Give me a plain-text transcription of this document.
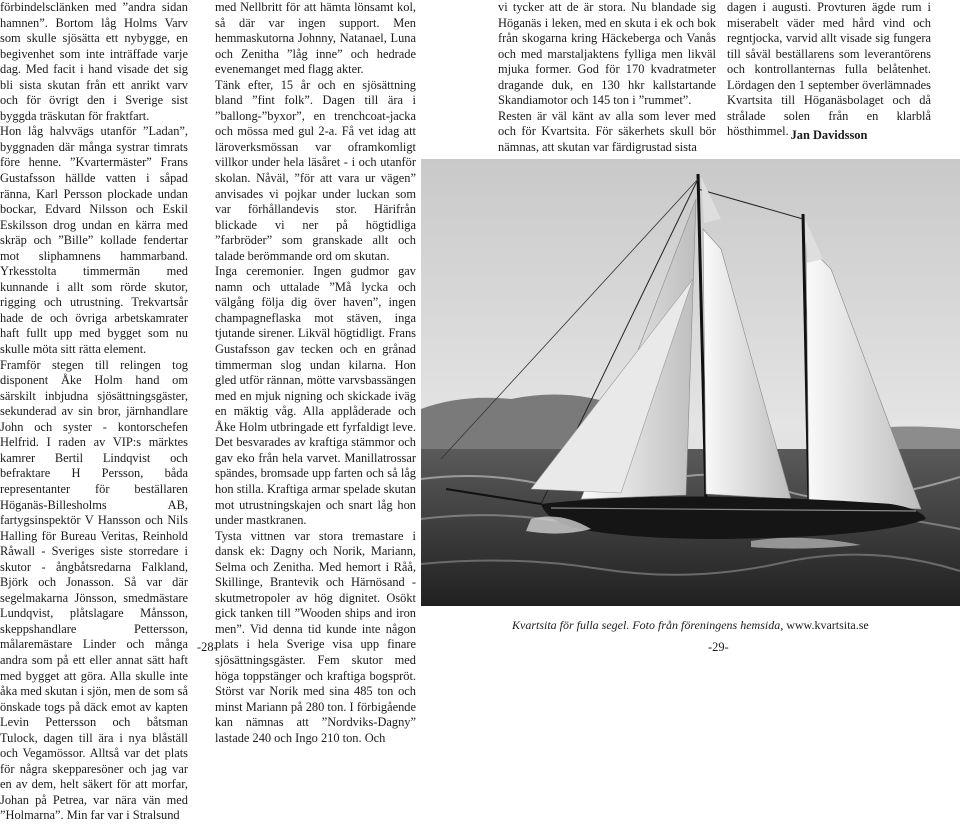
förbindelsclänken med ”andra sidan hamnen”. Bortom låg Holms Varv som skulle sjösätta ett nybygge, en begivenhet som inte inträffade varje dag. Med facit i hand visade det sig bli sista skutan från ett anrikt varv och för övrigt den i Sverige sist byggda träskutan för fraktfart.
Hon låg halvvägs utanför ”Ladan”, byggnaden där många systrar timrats före henne. ”Kvartermäster” Frans Gustafsson hällde vatten i såpad ränna, Karl Persson plockade undan bockar, Edvard Nilsson och Eskil Eskilsson drog undan en kärra med skräp och ”Bille” kollade fendertar mot sliphamnens hammarband. Yrkesstolta timmermän med kunnande i allt som rörde skutor, rigging och utrustning. Trekvartsår hade de och övriga arbetskamrater haft fullt upp med bygget som nu skulle möta sitt rätta element.
Framför stegen till relingen tog disponent Åke Holm hand om särskilt inbjudna sjösättningsgäster, sekunderad av sin bror, järnhandlare John och syster - kontorschefen Helfrid. I raden av VIP:s märktes kamrer Bertil Lindqvist och befraktare H Persson, båda representanter för beställaren Höganäs-Billesholms AB, fartygsinspektör V Hansson och Nils Halling för Bureau Veritas, Reinhold Råwall - Sveriges siste storredare i skutor - ångbåtsredarna Falkland, Björk och Jonasson. Så var där segelmakarna Jönsson, smedmästare Lundqvist, plåtslagare Månsson, skeppshandlare Pettersson, målaremästare Linder och många andra som på ett eller annat sätt haft med bygget att göra. Alla skulle inte åka med skutan i sjön, men de som så önskade togs på däck emot av kapten Levin Pettersson och båtsman Tulock, dagen till ära i nya blåställ och Vegamössor. Alltså var det plats för några skepparesöner och jag var en av dem, helt säkert för att morfar, Johan på Petrea, var nära vän med ”Holmarna”. Min far var i Stralsund

med Nellbritt för att hämta lönsamt kol, så där var ingen support. Men hemmaskutorna Johnny, Natanael, Luna och Zenitha ”låg inne” och hedrade evenemanget med flagg akter.
Tänk efter, 15 år och en sjösättning bland ”fint folk”. Dagen till ära i ”ballong-”byxor”, en trenchcoat-jacka och mössa med gul 2-a. Få vet idag att läroverksmössan var oframkomligt villkor under hela läsåret - i och utanför skolan. Nåväl, ”för att vara ur vägen” anvisades vi pojkar under luckan som var förhållandevis stor. Härifrån blickade vi ner på högtidliga ”farbröder” som granskade allt och talade berömmande ord om skutan.
Inga ceremonier. Ingen gudmor gav namn och uttalade ”Må lycka och välgång följa dig över haven”, ingen champagneflaska mot stäven, inga tjutande sirener. Likväl högtidligt. Frans Gustafsson gav tecken och en grånad timmerman slog undan kilarna. Hon gled utför rännan, mötte varvsbassängen med en mjuk nigning och skickade iväg en mäktig våg. Alla applåderade och Åke Holm utbringade ett fyrfaldigt leve. Det besvarades av kraftiga stämmor och gav eko från hela varvet. Manillatrossar spändes, bromsade upp farten och så låg hon stilla. Kraftiga armar spelade skutan mot utrustningskajen och snart låg hon under mastkranen.
Tysta vittnen var stora tremastare i dansk ek: Dagny och Norik, Mariann, Selma och Zenitha. Med hemort i Råå, Skillinge, Brantevik och Härnösand - skutmetropoler av hög dignitet. Osökt gick tanken till ”Wooden ships and iron men”. Vid denna tid kunde inte någon plats i hela Sverige visa upp finare sjösättningsgäster. Fem skutor med höga toppstänger och kraftiga bogspröt. Störst var Norik med sina 485 ton och minst Mariann på 280 ton. I förbigående kan nämnas att ”Nordviks-Dagny” lastade 240 och Ingo 210 ton. Och

vi tycker att de är stora. Nu blandade sig Höganäs i leken, med en skuta i ek och bok från skogarna kring Häckeberga och Vanås och med marstaljaktens fylliga men likväl mjuka former. God för 170 kvadratmeter dragande duk, en 130 hkr kallstartande Skandiamotor och 145 ton i ”rummet”.
Resten är väl känt av alla som lever med och för Kvartsita. För säkerhets skull bör nämnas, att skutan var färdigrustad sista

dagen i augusti. Provturen ägde rum i miserabelt väder med hård vind och regntjocka, varvid allt visade sig fungera till såväl beställarens som leverantörens och kontrollanternas fulla belåtenhet. Lördagen den 1 september överlämnades Kvartsita till Höganäsbolaget och då strålade solen från en klarblå hösthimmel. Jan Davidsson
Kvartsita för fulla segel. Foto från föreningens hemsida, www.kvartsita.se
-28-	-29-
